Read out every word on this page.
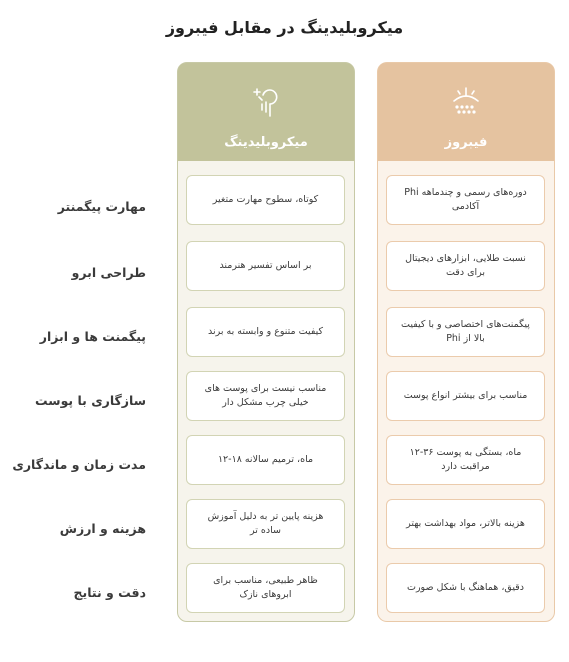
میکروبلیدینگ در مقابل فیبروز
میکروبلیدینگ
کوتاه، سطوح مهارت متغیر
بر اساس تفسیر هنرمند
کیفیت متنوع و وابسته به برند
مناسب نیست برای پوست های خیلی چرب مشکل دار
ماه، ترمیم سالانه ۱۸-۱۲
هزینه پایین تر به دلیل آموزش ساده تر
ظاهر طبیعی، مناسب برای ابروهای نازک
فیبروز
دوره‌های رسمی و چندماهه Phi آکادمی
نسبت طلایی، ابزارهای دیجیتال برای دقت
پیگمنت‌های اختصاصی و با کیفیت بالا از Phi
مناسب برای بیشتر انواع پوست
ماه، بستگی به پوست ۳۶-۱۲ مراقبت دارد
هزینه بالاتر، مواد بهداشت بهتر
دقیق، هماهنگ با شکل صورت
مهارت پیگمنتر
طراحی ابرو
پیگمنت ها و ابزار
سازگاری با پوست
مدت زمان و ماندگاری
هزینه و ارزش
دقت و نتایج
